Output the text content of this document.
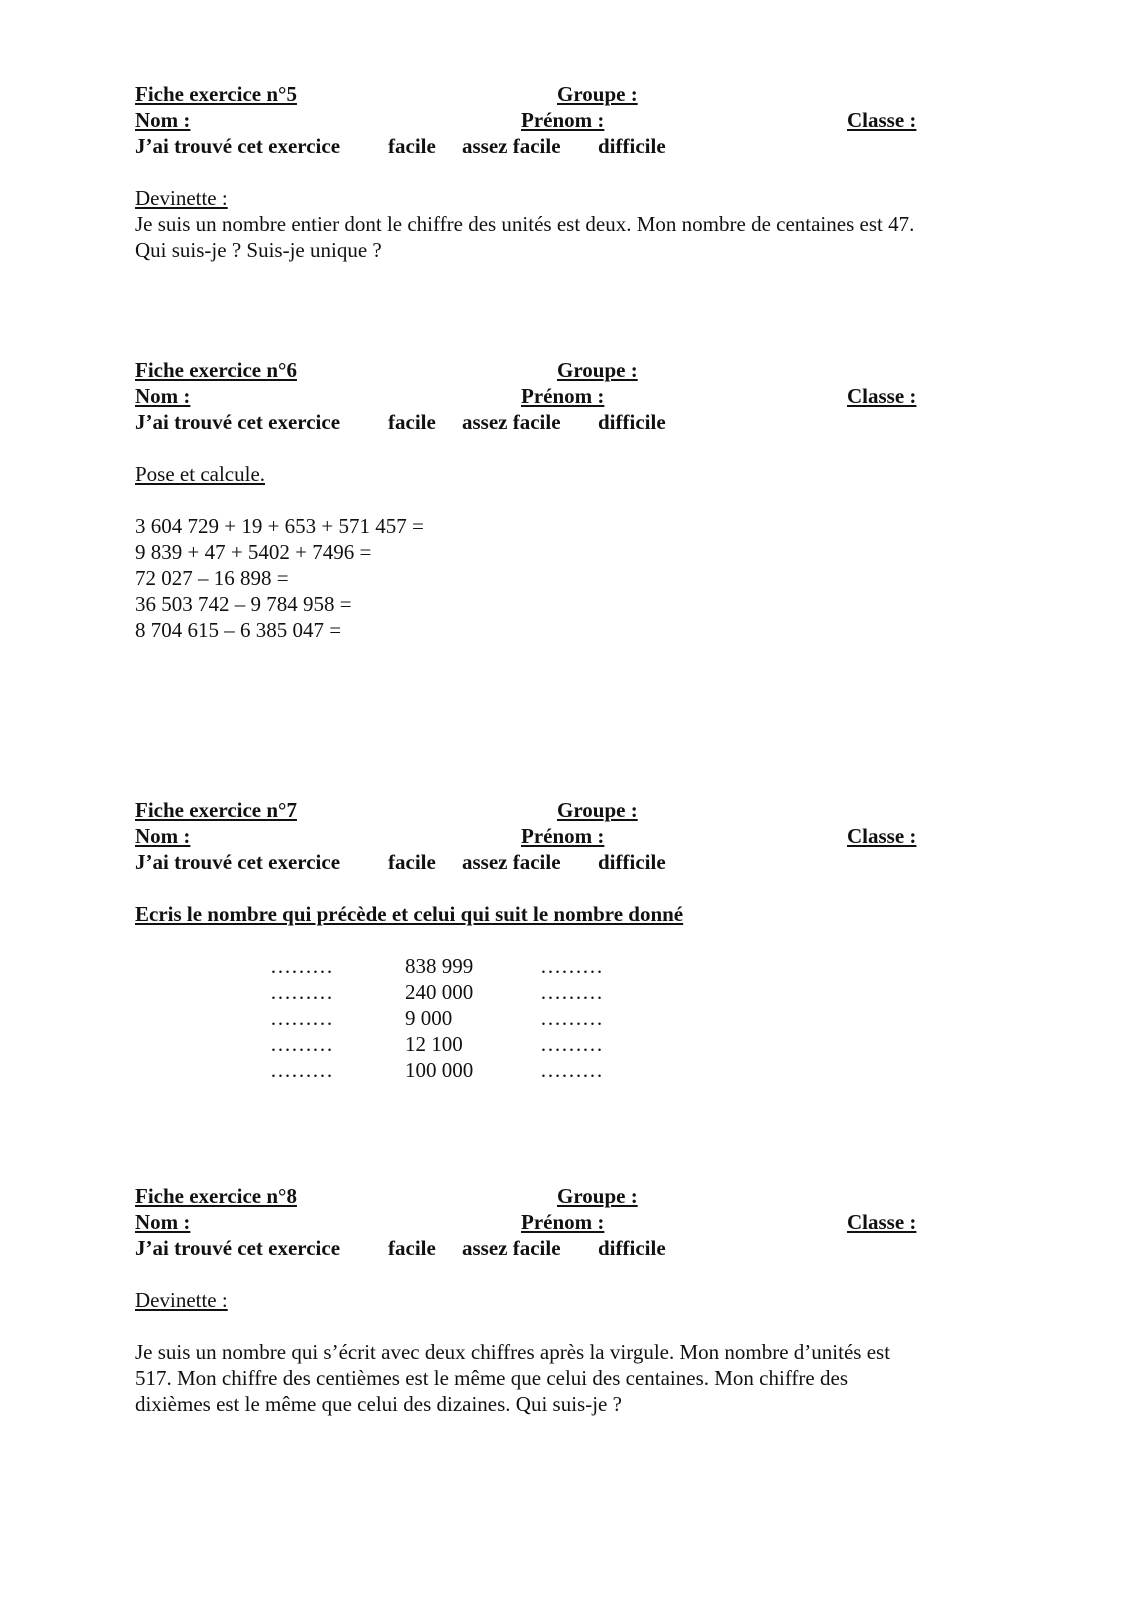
Fiche exercice n°5	Groupe :
Nom :	Prénom :	Classe :
J’ai trouvé cet exercice facile assez facile difficile
Devinette :
Je suis un nombre entier dont le chiffre des unités est deux. Mon nombre de centaines est 47.
Qui suis-je ? Suis-je unique ?
Fiche exercice n°6	Groupe :
Nom :	Prénom :	Classe :
J’ai trouvé cet exercice facile assez facile difficile
Pose et calcule.
3 604 729 + 19 + 653 + 571 457 =
9 839 + 47 + 5402 + 7496 =
72 027 – 16 898 =
36 503 742 – 9 784 958 =
8 704 615 – 6 385 047 =
Fiche exercice n°7	Groupe :
Nom :	Prénom :	Classe :
J’ai trouvé cet exercice facile assez facile difficile
Ecris le nombre qui précède et celui qui suit le nombre donné
………	838 999	………
………	240 000	………
………	9 000	………
………	12 100	………
………	100 000	………
Fiche exercice n°8	Groupe :
Nom :	Prénom :	Classe :
J’ai trouvé cet exercice facile assez facile difficile
Devinette :
Je suis un nombre qui s’écrit avec deux chiffres après la virgule. Mon nombre d’unités est
517. Mon chiffre des centièmes est le même que celui des centaines. Mon chiffre des
dixièmes est le même que celui des dizaines. Qui suis-je ?
